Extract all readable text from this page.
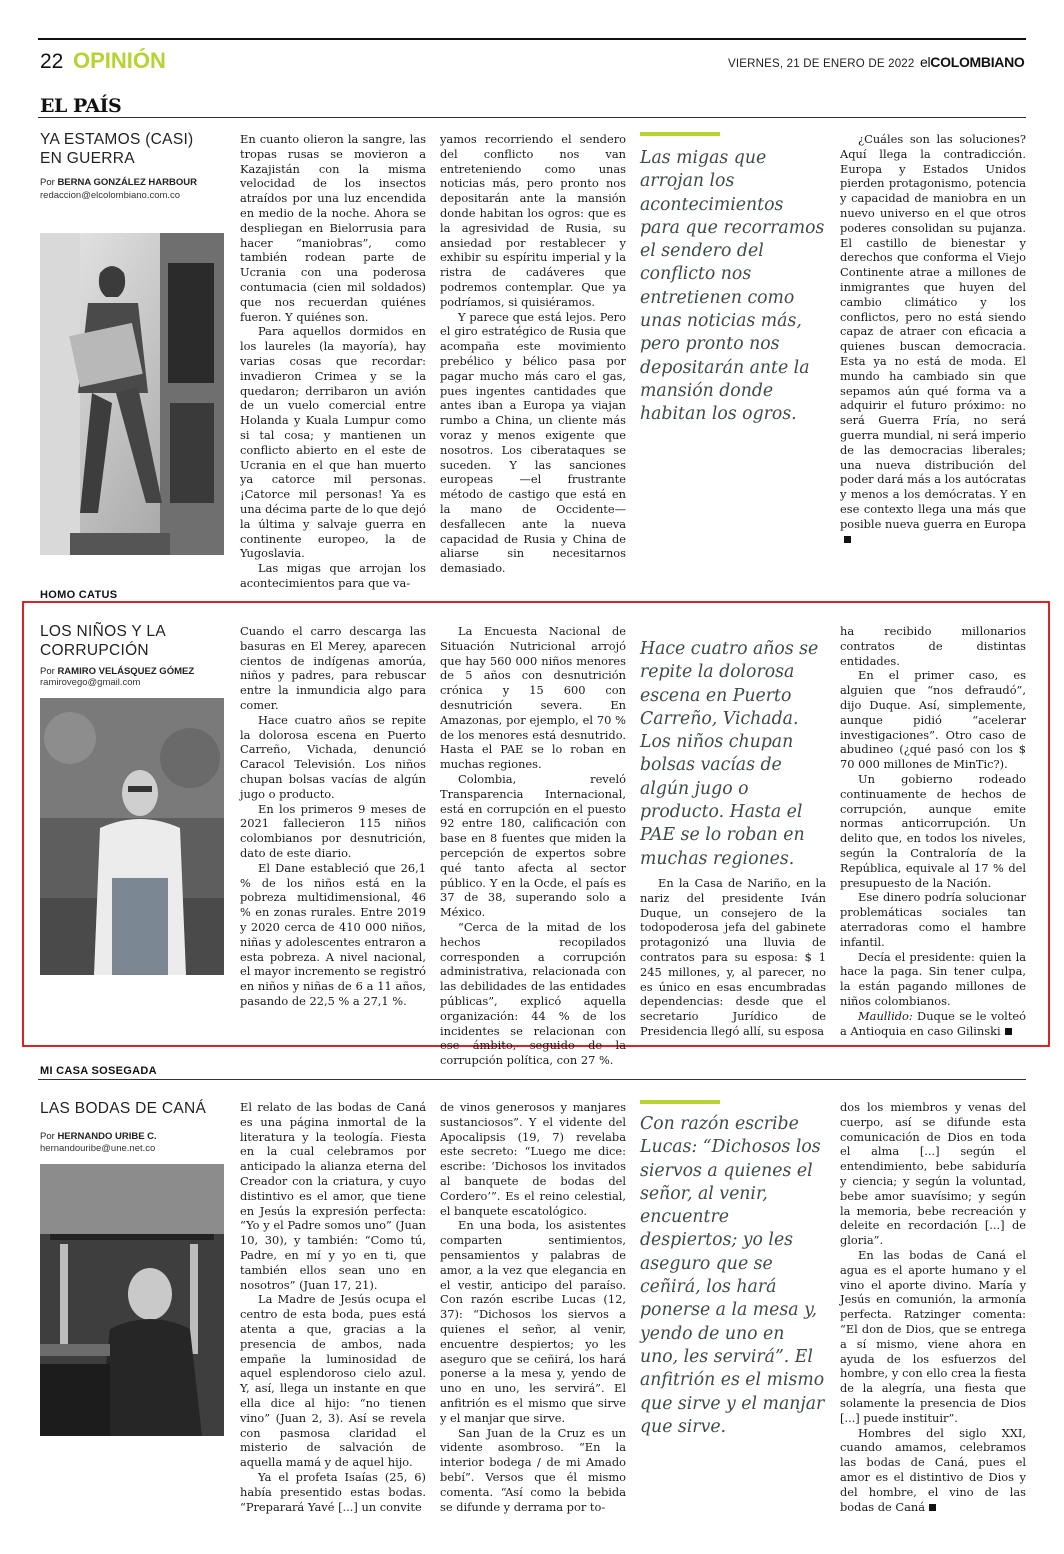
22 OPINIÓN	VIERNES, 21 DE ENERO DE 2022 elCOLOMBIANO
EL PAÍS
YA ESTAMOS (CASI) EN GUERRA
Por BERNA GONZÁLEZ HARBOUR
redaccion@elcolombiano.com.co

En cuanto olieron la sangre, las tropas rusas se movieron a Kazajistán con la misma velocidad de los insectos atraídos por una luz encendida en medio de la noche. Ahora se despliegan en Bielorrusia para hacer “maniobras”, como también rodean parte de Ucrania con una poderosa contumacia (cien mil soldados) que nos recuerdan quiénes fueron. Y quiénes son.

Para aquellos dormidos en los laureles (la mayoría), hay varias cosas que recordar: invadieron Crimea y se la quedaron; derribaron un avión de un vuelo comercial entre Holanda y Kuala Lumpur como si tal cosa; y mantienen un conflicto abierto en el este de Ucrania en el que han muerto ya catorce mil personas. ¡Catorce mil personas! Ya es una décima parte de lo que dejó la última y salvaje guerra en continente europeo, la de Yugoslavia.

Las migas que arrojan los acontecimientos para que va-

yamos recorriendo el sendero del conflicto nos van entreteniendo como unas noticias más, pero pronto nos depositarán ante la mansión donde habitan los ogros: que es la agresividad de Rusia, su ansiedad por restablecer y exhibir su espíritu imperial y la ristra de cadáveres que podremos contemplar. Que ya podríamos, si quisiéramos.

Y parece que está lejos. Pero el giro estratégico de Rusia que acompaña este movimiento prebélico y bélico pasa por pagar mucho más caro el gas, pues ingentes cantidades que antes iban a Europa ya viajan rumbo a China, un cliente más voraz y menos exigente que nosotros. Los ciberataques se suceden. Y las sanciones europeas —el frustrante método de castigo que está en la mano de Occidente— desfallecen ante la nueva capacidad de Rusia y China de aliarse sin necesitarnos demasiado.

Las migas que arrojan los acontecimientos para que recorramos el sendero del conflicto nos entretienen como unas noticias más, pero pronto nos depositarán ante la mansión donde habitan los ogros.

¿Cuáles son las soluciones? Aquí llega la contradicción. Europa y Estados Unidos pierden protagonismo, potencia y capacidad de maniobra en un nuevo universo en el que otros poderes consolidan su pujanza. El castillo de bienestar y derechos que conforma el Viejo Continente atrae a millones de inmigrantes que huyen del cambio climático y los conflictos, pero no está siendo capaz de atraer con eficacia a quienes buscan democracia. Esta ya no está de moda. El mundo ha cambiado sin que sepamos aún qué forma va a adquirir el futuro próximo: no será Guerra Fría, no será guerra mundial, ni será imperio de las democracias liberales; una nueva distribución del poder dará más a los autócratas y menos a los demócratas. Y en ese contexto llega una más que posible nueva guerra en Europa

HOMO CATUS
LOS NIÑOS Y LA CORRUPCIÓN
Por RAMIRO VELÁSQUEZ GÓMEZ
ramirovego@gmail.com

Cuando el carro descarga las basuras en El Merey, aparecen cientos de indígenas amorúa, niños y padres, para rebuscar entre la inmundicia algo para comer.

Hace cuatro años se repite la dolorosa escena en Puerto Carreño, Vichada, denunció Caracol Televisión. Los niños chupan bolsas vacías de algún jugo o producto.

En los primeros 9 meses de 2021 fallecieron 115 niños colombianos por desnutrición, dato de este diario.

El Dane estableció que 26,1 % de los niños está en la pobreza multidimensional, 46 % en zonas rurales. Entre 2019 y 2020 cerca de 410 000 niños, niñas y adolescentes entraron a esta pobreza. A nivel nacional, el mayor incremento se registró en niños y niñas de 6 a 11 años, pasando de 22,5 % a 27,1 %.

La Encuesta Nacional de Situación Nutricional arrojó que hay 560 000 niños menores de 5 años con desnutrición crónica y 15 600 con desnutrición severa. En Amazonas, por ejemplo, el 70 % de los menores está desnutrido. Hasta el PAE se lo roban en muchas regiones.

Colombia, reveló Transparencia Internacional, está en corrupción en el puesto 92 entre 180, calificación con base en 8 fuentes que miden la percepción de expertos sobre qué tanto afecta al sector público. Y en la Ocde, el país es 37 de 38, superando solo a México.

“Cerca de la mitad de los hechos recopilados corresponden a corrupción administrativa, relacionada con las debilidades de las entidades públicas”, explicó aquella organización: 44 % de los incidentes se relacionan con ese ámbito, seguido de la corrupción política, con 27 %.

Hace cuatro años se repite la dolorosa escena en Puerto Carreño, Vichada. Los niños chupan bolsas vacías de algún jugo o producto. Hasta el PAE se lo roban en muchas regiones.

En la Casa de Nariño, en la nariz del presidente Iván Duque, un consejero de la todopoderosa jefa del gabinete protagonizó una lluvia de contratos para su esposa: $ 1 245 millones, y, al parecer, no es único en esas encumbradas dependencias: desde que el secretario Jurídico de Presidencia llegó allí, su esposa

ha recibido millonarios contratos de distintas entidades.

En el primer caso, es alguien que “nos defraudó”, dijo Duque. Así, simplemente, aunque pidió “acelerar investigaciones”. Otro caso de abudineo (¿qué pasó con los $ 70 000 millones de MinTic?).

Un gobierno rodeado continuamente de hechos de corrupción, aunque emite normas anticorrupción. Un delito que, en todos los niveles, según la Contraloría de la República, equivale al 17 % del presupuesto de la Nación.

Ese dinero podría solucionar problemáticas sociales tan aterradoras como el hambre infantil.

Decía el presidente: quien la hace la paga. Sin tener culpa, la están pagando millones de niños colombianos.

Maullido: Duque se le volteó a Antioquia en caso Gilinski

MI CASA SOSEGADA
LAS BODAS DE CANÁ
Por HERNANDO URIBE C.
hernandouribe@une.net.co

El relato de las bodas de Caná es una página inmortal de la literatura y la teología. Fiesta en la cual celebramos por anticipado la alianza eterna del Creador con la criatura, y cuyo distintivo es el amor, que tiene en Jesús la expresión perfecta: “Yo y el Padre somos uno” (Juan 10, 30), y también: “Como tú, Padre, en mí y yo en ti, que también ellos sean uno en nosotros” (Juan 17, 21).

La Madre de Jesús ocupa el centro de esta boda, pues está atenta a que, gracias a la presencia de ambos, nada empañe la luminosidad de aquel esplendoroso cielo azul. Y, así, llega un instante en que ella dice al hijo: “no tienen vino” (Juan 2, 3). Así se revela con pasmosa claridad el misterio de salvación de aquella mamá y de aquel hijo.

Ya el profeta Isaías (25, 6) había presentido estas bodas. “Preparará Yavé [...] un convite

de vinos generosos y manjares sustanciosos”. Y el vidente del Apocalipsis (19, 7) revelaba este secreto: “Luego me dice: escribe: ‘Dichosos los invitados al banquete de bodas del Cordero’”. Es el reino celestial, el banquete escatológico.

En una boda, los asistentes comparten sentimientos, pensamientos y palabras de amor, a la vez que elegancia en el vestir, anticipo del paraíso. Con razón escribe Lucas (12, 37): “Dichosos los siervos a quienes el señor, al venir, encuentre despiertos; yo les aseguro que se ceñirá, los hará ponerse a la mesa y, yendo de uno en uno, les servirá”. El anfitrión es el mismo que sirve y el manjar que sirve.

San Juan de la Cruz es un vidente asombroso. “En la interior bodega / de mi Amado bebí”. Versos que él mismo comenta. “Así como la bebida se difunde y derrama por to-

Con razón escribe Lucas: “Dichosos los siervos a quienes el señor, al venir, encuentre despiertos; yo les aseguro que se ceñirá, los hará ponerse a la mesa y, yendo de uno en uno, les servirá”. El anfitrión es el mismo que sirve y el manjar que sirve.

dos los miembros y venas del cuerpo, así se difunde esta comunicación de Dios en toda el alma [...] según el entendimiento, bebe sabiduría y ciencia; y según la voluntad, bebe amor suavísimo; y según la memoria, bebe recreación y deleite en recordación [...] de gloria”.

En las bodas de Caná el agua es el aporte humano y el vino el aporte divino. María y Jesús en comunión, la armonía perfecta. Ratzinger comenta: “El don de Dios, que se entrega a sí mismo, viene ahora en ayuda de los esfuerzos del hombre, y con ello crea la fiesta de la alegría, una fiesta que solamente la presencia de Dios [...] puede instituir”.

Hombres del siglo XXI, cuando amamos, celebramos las bodas de Caná, pues el amor es el distintivo de Dios y del hombre, el vino de las bodas de Caná
